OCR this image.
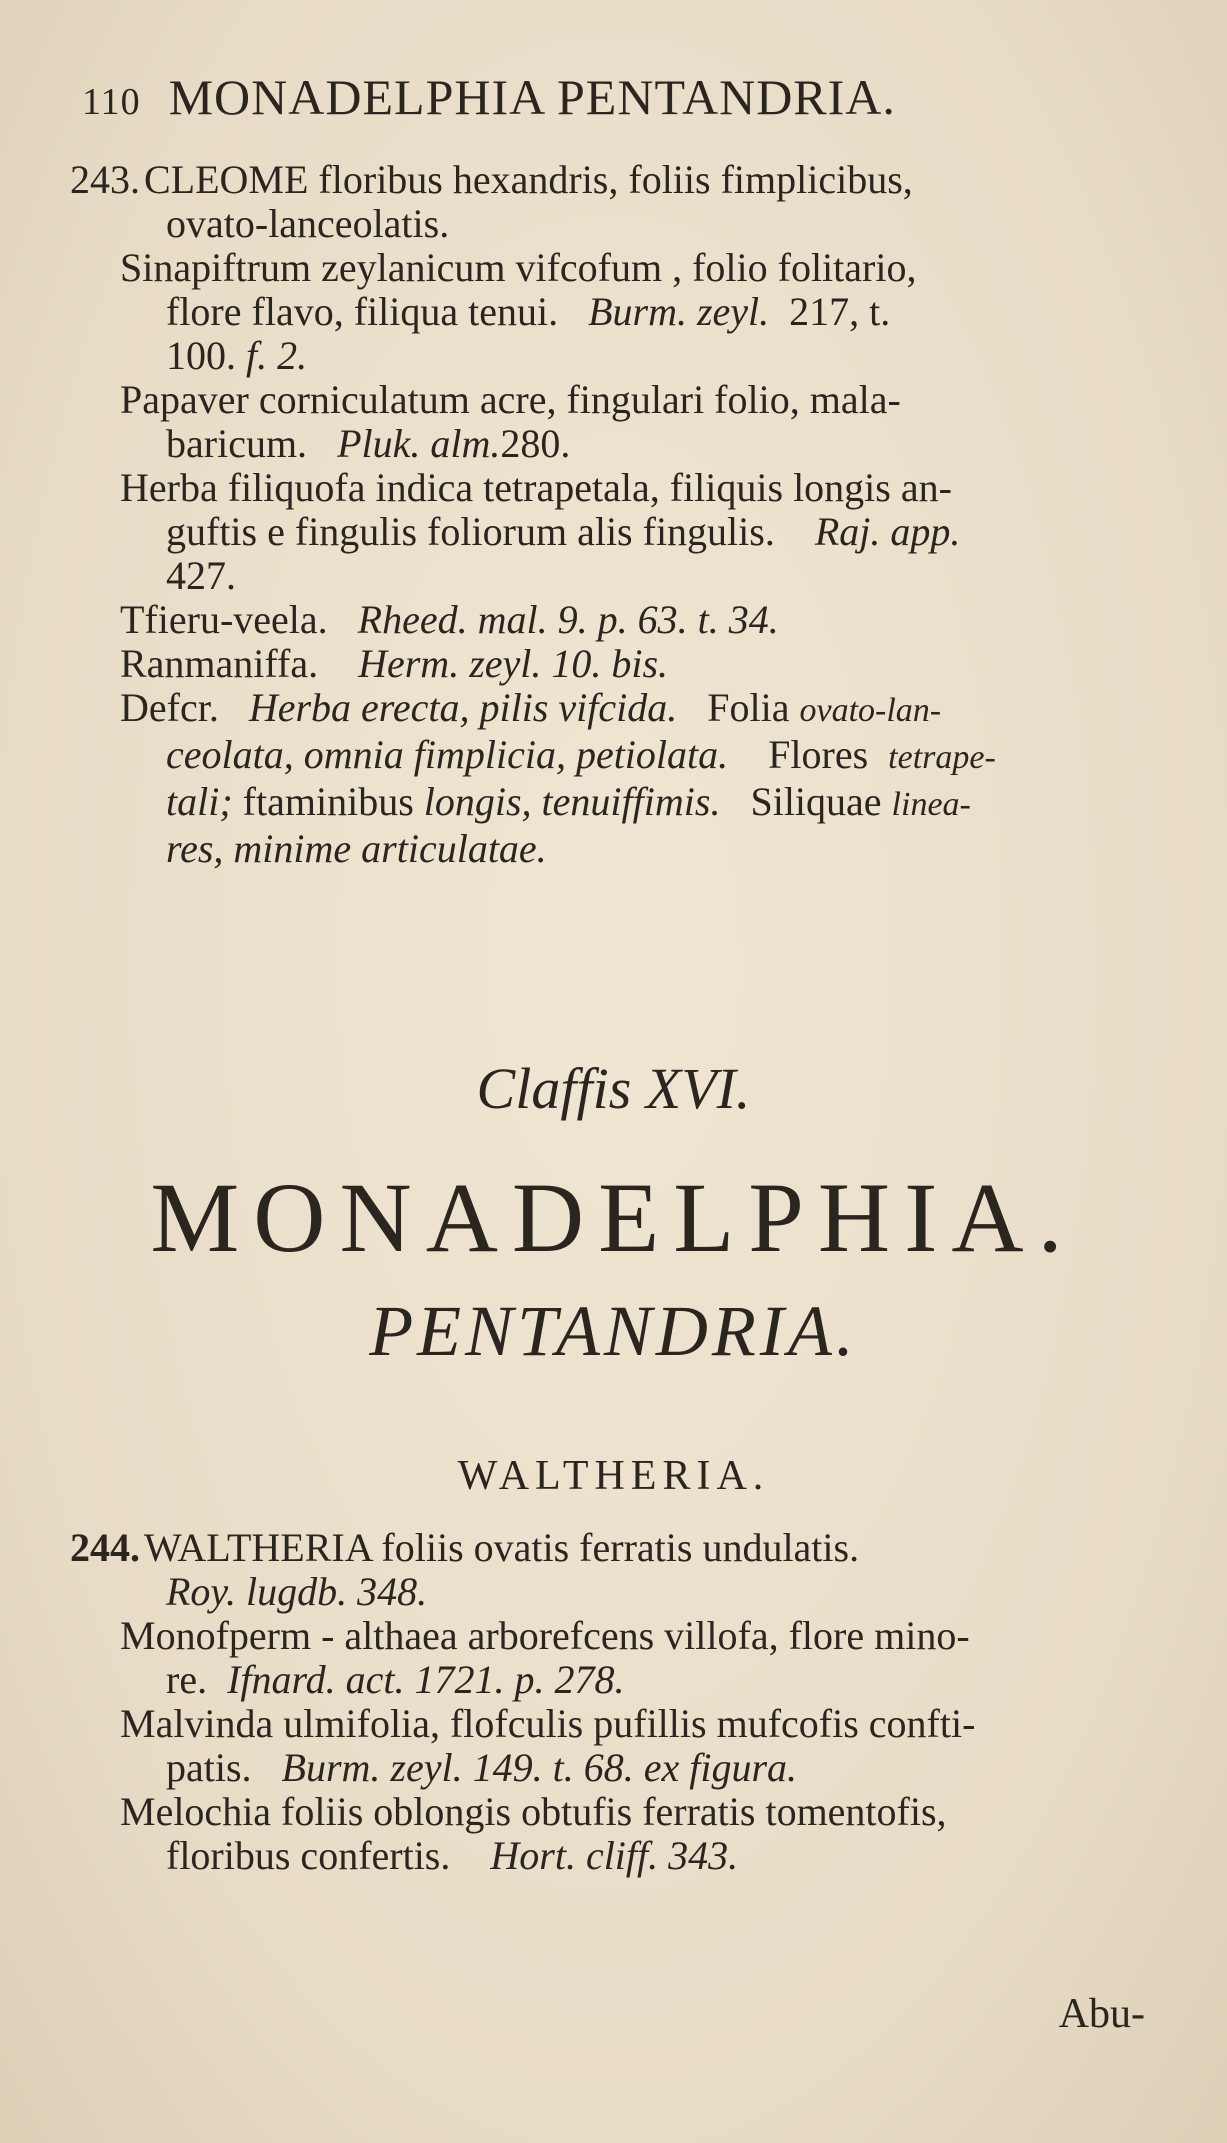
110 MONADELPHIA PENTANDRIA.
243. CLEOME floribus hexandris, foliis fimplicibus,
ovato-lanceolatis.
Sinapiftrum zeylanicum vifcofum , folio folitario,
flore flavo, filiqua tenui. Burm. zeyl. 217, t.
100. f. 2.
Papaver corniculatum acre, fingulari folio, mala-
baricum. Pluk. alm.280.
Herba filiquofa indica tetrapetala, filiquis longis an-
guftis e fingulis foliorum alis fingulis. Raj. app.
427.
Tfieru-veela. Rheed. mal. 9. p. 63. t. 34.
Ranmaniffa. Herm. zeyl. 10. bis.
Defcr. Herba erecta, pilis vifcida. Folia ovato-lan-
ceolata, omnia fimplicia, petiolata. Flores tetrape-
tali; ftaminibus longis, tenuiffimis. Siliquae linea-
res, minime articulatae.
Claffis XVI.
MONADELPHIA.
PENTANDRIA.
WALTHERIA.
244. WALTHERIA foliis ovatis ferratis undulatis.
Roy. lugdb. 348.
Monofperm - althaea arborefcens villofa, flore mino-
re. Ifnard. act. 1721. p. 278.
Malvinda ulmifolia, flofculis pufillis mufcofis confti-
patis. Burm. zeyl. 149. t. 68. ex figura.
Melochia foliis oblongis obtufis ferratis tomentofis,
floribus confertis. Hort. cliff. 343.
Abu-
